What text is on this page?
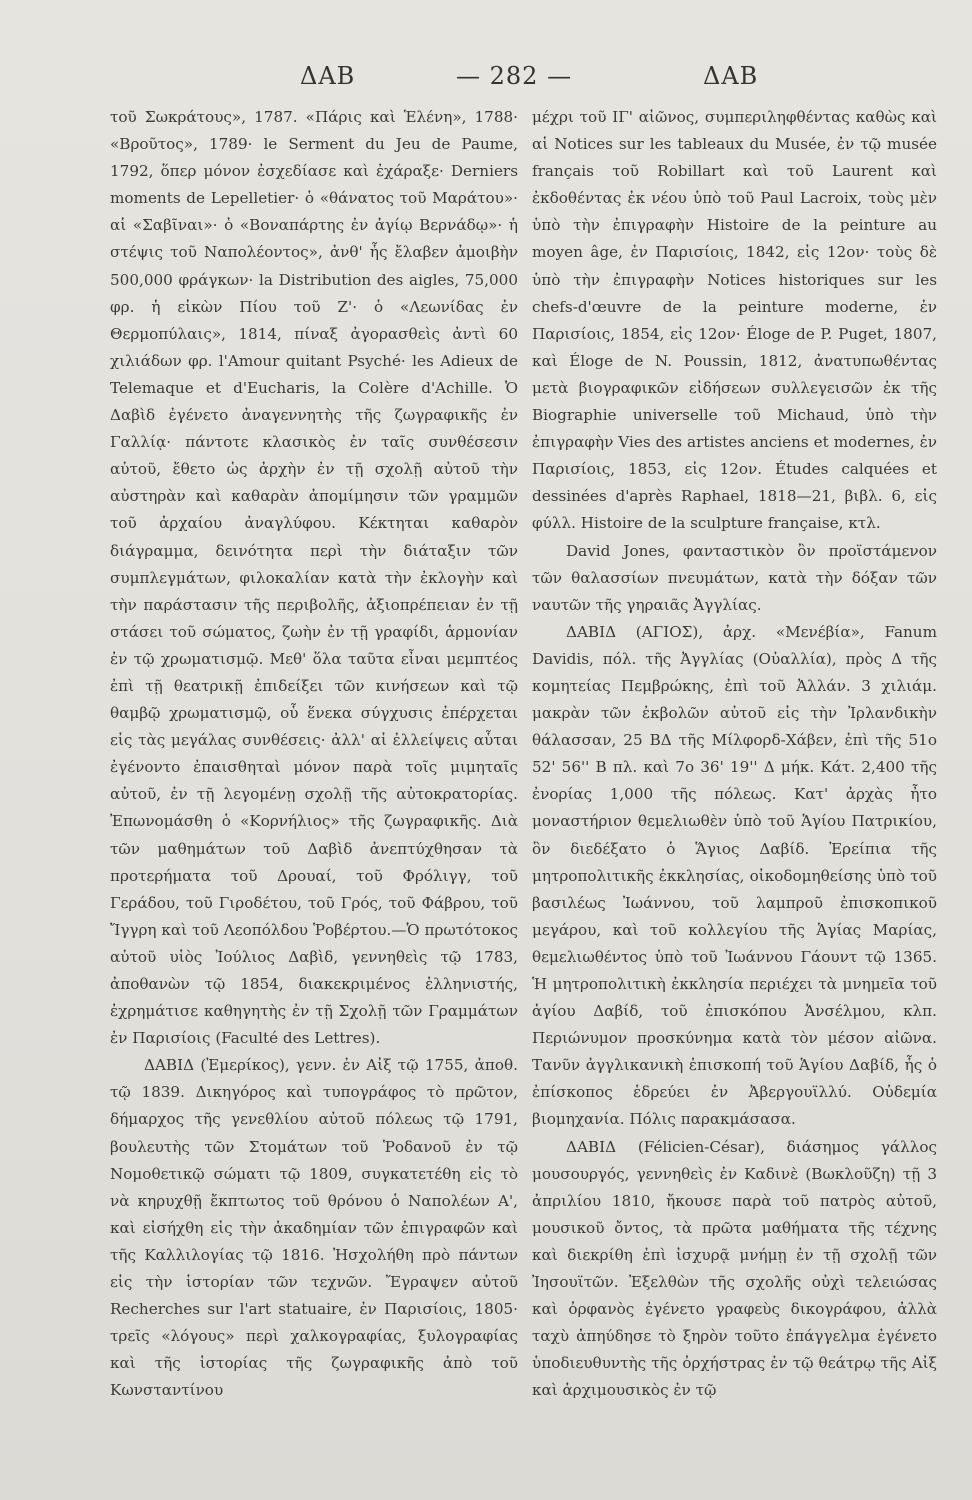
ΔΑΒ	— 282 —	ΔΑΒ

τοῦ Σωκράτους», 1787. «Πάρις καὶ Ἑλένη», 1788· «Βροῦτος», 1789· le Serment du Jeu de Paume, 1792, ὅπερ μόνον ἐσχεδίασε καὶ ἐχάραξε· Derniers moments de Lepelletier· ὁ «θάνατος τοῦ Μαράτου»· αἱ «Σαβῖναι»· ὁ «Βοναπάρτης ἐν ἁγίῳ Βερνάδῳ»· ἡ στέψις τοῦ Ναπολέοντος», ἀνθ' ἧς ἔλαβεν ἀμοιβὴν 500,000 φράγκων· la Distribution des aigles, 75,000 φρ. ἡ εἰκὼν Πίου τοῦ Ζ'· ὁ «Λεωνίδας ἐν Θερμοπύλαις», 1814, πίναξ ἀγορασθεὶς ἀντὶ 60 χιλιάδων φρ. l'Amour quitant Psyché· les Adieux de Telemaque et d'Eucharis, la Colère d'Achille. Ὁ Δαβὶδ ἐγένετο ἀναγεννητὴς τῆς ζωγραφικῆς ἐν Γαλλίᾳ· πάντοτε κλασικὸς ἐν ταῖς συνθέσεσιν αὐτοῦ, ἔθετο ὡς ἀρχὴν ἐν τῇ σχολῇ αὐτοῦ τὴν αὐστηρὰν καὶ καθαρὰν ἀπομίμησιν τῶν γραμμῶν τοῦ ἀρχαίου ἀναγλύφου. Κέκτηται καθαρὸν διάγραμμα, δεινότητα περὶ τὴν διάταξιν τῶν συμπλεγμάτων, φιλοκαλίαν κατὰ τὴν ἐκλογὴν καὶ τὴν παράστασιν τῆς περιβολῆς, ἀξιοπρέπειαν ἐν τῇ στάσει τοῦ σώματος, ζωὴν ἐν τῇ γραφίδι, ἁρμονίαν ἐν τῷ χρωματισμῷ. Μεθ' ὅλα ταῦτα εἶναι μεμπτέος ἐπὶ τῇ θεατρικῇ ἐπιδείξει τῶν κινήσεων καὶ τῷ θαμβῷ χρωματισμῷ, οὗ ἕνεκα σύγχυσις ἐπέρχεται εἰς τὰς μεγάλας συνθέσεις· ἀλλ' αἱ ἐλλείψεις αὗται ἐγένοντο ἐπαισθηταὶ μόνον παρὰ τοῖς μιμηταῖς αὐτοῦ, ἐν τῇ λεγομένῃ σχολῇ τῆς αὐτοκρατορίας. Ἐπωνομάσθη ὁ «Κορνήλιος» τῆς ζωγραφικῆς. Διὰ τῶν μαθημάτων τοῦ Δαβὶδ ἀνεπτύχθησαν τὰ προτερήματα τοῦ Δρουαί, τοῦ Φρόλιγγ, τοῦ Γεράδου, τοῦ Γιροδέτου, τοῦ Γρός, τοῦ Φάβρου, τοῦ Ἴγγρη καὶ τοῦ Λεοπόλδου Ῥοβέρτου.—Ὁ πρωτότοκος αὐτοῦ υἱὸς Ἰούλιος Δαβὶδ, γεννηθεὶς τῷ 1783, ἀποθανὼν τῷ 1854, διακεκριμένος ἑλληνιστής, ἐχρημάτισε καθηγητὴς ἐν τῇ Σχολῇ τῶν Γραμμάτων ἐν Παρισίοις (Faculté des Lettres).

ΔΑΒΙΔ (Ἐμερίκος), γενν. ἐν Αἰξ τῷ 1755, ἀποθ. τῷ 1839. Δικηγόρος καὶ τυπογράφος τὸ πρῶτον, δήμαρχος τῆς γενεθλίου αὐτοῦ πόλεως τῷ 1791, βουλευτὴς τῶν Στομάτων τοῦ Ῥοδανοῦ ἐν τῷ Νομοθετικῷ σώματι τῷ 1809, συγκατετέθη εἰς τὸ νὰ κηρυχθῇ ἔκπτωτος τοῦ θρόνου ὁ Ναπολέων Α', καὶ εἰσήχθη εἰς τὴν ἀκαδημίαν τῶν ἐπιγραφῶν καὶ τῆς Καλλιλογίας τῷ 1816. Ἠσχολήθη πρὸ πάντων εἰς τὴν ἱστορίαν τῶν τεχνῶν. Ἔγραψεν αὐτοῦ Recherches sur l'art statuaire, ἐν Παρισίοις, 1805· τρεῖς «λόγους» περὶ χαλκογραφίας, ξυλογραφίας καὶ τῆς ἱστορίας τῆς ζωγραφικῆς ἀπὸ τοῦ Κωνσταντίνου

μέχρι τοῦ ΙΓ' αἰῶνος, συμπεριληφθέντας καθὼς καὶ αἱ Notices sur les tableaux du Musée, ἐν τῷ musée français τοῦ Robillart καὶ τοῦ Laurent καὶ ἐκδοθέντας ἐκ νέου ὑπὸ τοῦ Paul Lacroix, τοὺς μὲν ὑπὸ τὴν ἐπιγραφὴν Histoire de la peinture au moyen âge, ἐν Παρισίοις, 1842, εἰς 12ον· τοὺς δὲ ὑπὸ τὴν ἐπιγραφὴν Notices historiques sur les chefs-d'œuvre de la peinture moderne, ἐν Παρισίοις, 1854, εἰς 12ον· Éloge de P. Puget, 1807, καὶ Éloge de N. Poussin, 1812, ἀνατυπωθέντας μετὰ βιογραφικῶν εἰδήσεων συλλεγεισῶν ἐκ τῆς Biographie universelle τοῦ Michaud, ὑπὸ τὴν ἐπιγραφὴν Vies des artistes anciens et modernes, ἐν Παρισίοις, 1853, εἰς 12ον. Études calquées et dessinées d'après Raphael, 1818—21, βιβλ. 6, εἰς φύλλ. Histoire de la sculpture française, κτλ.

David Jones, φανταστικὸν ὂν προϊστάμενον τῶν θαλασσίων πνευμάτων, κατὰ τὴν δόξαν τῶν ναυτῶν τῆς γηραιᾶς Ἀγγλίας.

ΔΑΒΙΔ (ΑΓΙΟΣ), ἀρχ. «Μενέβία», Fanum Davidis, πόλ. τῆς Ἀγγλίας (Οὐαλλία), πρὸς Δ τῆς κομητείας Πεμβρώκης, ἐπὶ τοῦ Ἀλλάν. 3 χιλιάμ. μακρὰν τῶν ἐκβολῶν αὐτοῦ εἰς τὴν Ἰρλανδικὴν θάλασσαν, 25 ΒΔ τῆς Μίλφορδ-Χάβεν, ἐπὶ τῆς 51ο 52' 56'' Β πλ. καὶ 7ο 36' 19'' Δ μήκ. Κάτ. 2,400 τῆς ἐνορίας 1,000 τῆς πόλεως. Κατ' ἀρχὰς ἦτο μοναστήριον θεμελιωθὲν ὑπὸ τοῦ Ἁγίου Πατρικίου, ὃν διεδέξατο ὁ Ἅγιος Δαβίδ. Ἐρείπια τῆς μητροπολιτικῆς ἐκκλησίας, οἰκοδομηθείσης ὑπὸ τοῦ βασιλέως Ἰωάννου, τοῦ λαμπροῦ ἐπισκοπικοῦ μεγάρου, καὶ τοῦ κολλεγίου τῆς Ἁγίας Μαρίας, θεμελιωθέντος ὑπὸ τοῦ Ἰωάννου Γάουντ τῷ 1365. Ἡ μητροπολιτικὴ ἐκκλησία περιέχει τὰ μνημεῖα τοῦ ἁγίου Δαβίδ, τοῦ ἐπισκόπου Ἀνσέλμου, κλπ. Περιώνυμον προσκύνημα κατὰ τὸν μέσον αἰῶνα. Τανῦν ἀγγλικανικὴ ἐπισκοπή τοῦ Ἁγίου Δαβίδ, ἧς ὁ ἐπίσκοπος ἑδρεύει ἐν Ἀβεργουϊλλύ. Οὐδεμία βιομηχανία. Πόλις παρακμάσασα.

ΔΑΒΙΔ (Félicien-César), διάσημος γάλλος μουσουργός, γεννηθεὶς ἐν Καδινὲ (Βωκλοῦζη) τῇ 3 ἀπριλίου 1810, ἤκουσε παρὰ τοῦ πατρὸς αὐτοῦ, μουσικοῦ ὄντος, τὰ πρῶτα μαθήματα τῆς τέχνης καὶ διεκρίθη ἐπὶ ἰσχυρᾷ μνήμῃ ἐν τῇ σχολῇ τῶν Ἰησουϊτῶν. Ἐξελθὼν τῆς σχολῆς οὐχὶ τελειώσας καὶ ὀρφανὸς ἐγένετο γραφεὺς δικογράφου, ἀλλὰ ταχὺ ἀπηύδησε τὸ ξηρὸν τοῦτο ἐπάγγελμα ἐγένετο ὑποδιευθυντὴς τῆς ὀρχήστρας ἐν τῷ θεάτρῳ τῆς Αἰξ καὶ ἀρχιμουσικὸς ἐν τῷ
